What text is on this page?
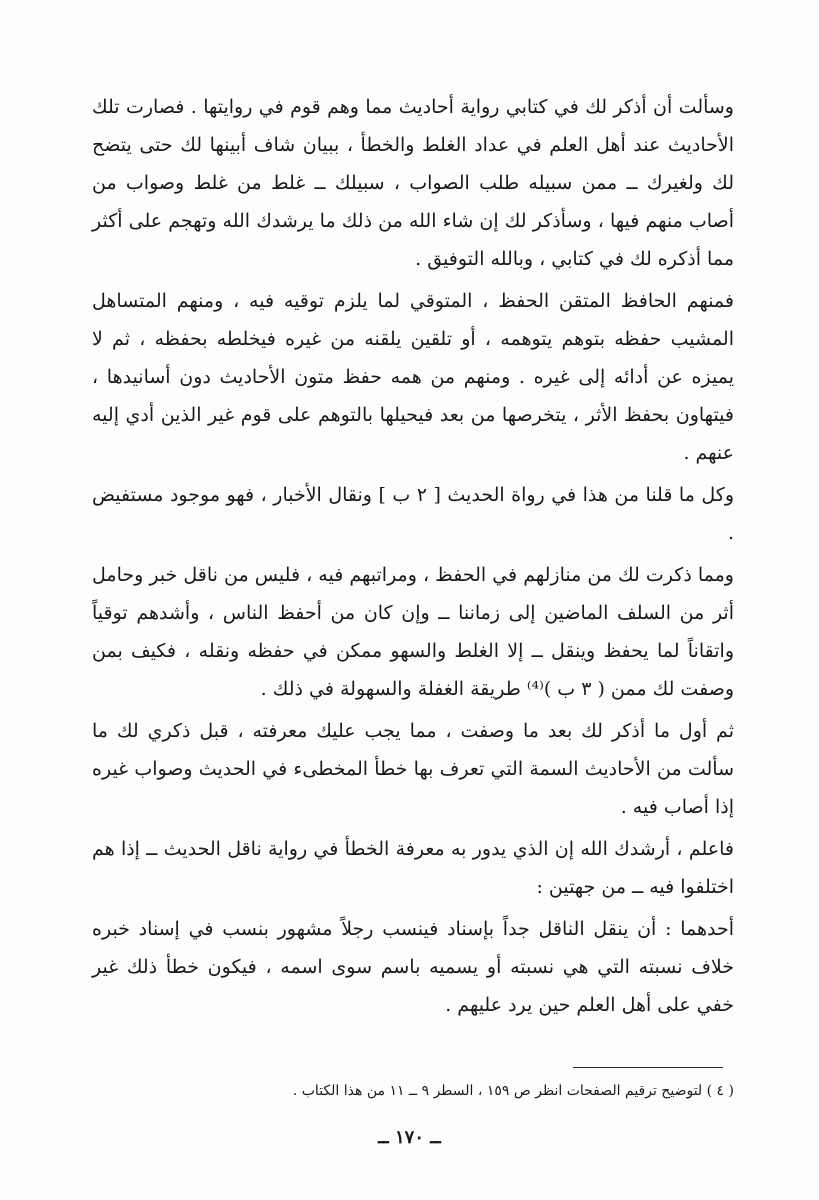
وسألت أن أذكر لك في كتابي رواية أحاديث مما وهم قوم في روايتها . فصارت تلك الأحاديث عند أهل العلم في عداد الغلط والخطأ ، ببيان شاف أبينها لك حتى يتضح لك ولغيرك ــ ممن سبيله طلب الصواب ، سبيلك ــ غلط من غلط وصواب من أصاب منهم فيها ، وسأذكر لك إن شاء الله من ذلك ما يرشدك الله وتهجم على أكثر مما أذكره لك في كتابي ، وبالله التوفيق .

فمنهم الحافظ المتقن الحفظ ، المتوقي لما يلزم توقيه فيه ، ومنهم المتساهل المشيب حفظه بتوهم يتوهمه ، أو تلقين يلقنه من غيره فيخلطه بحفظه ، ثم لا يميزه عن أدائه إلى غيره . ومنهم من همه حفظ متون الأحاديث دون أسانيدها ، فيتهاون بحفظ الأثر ، يتخرصها من بعد فيحيلها بالتوهم على قوم غير الذين أدي إليه عنهم .

وكل ما قلنا من هذا في رواة الحديث [ ٢ ب ] ونقال الأخبار ، فهو موجود مستفيض .

ومما ذكرت لك من منازلهم في الحفظ ، ومراتبهم فيه ، فليس من ناقل خبر وحامل أثر من السلف الماضين إلى زماننا ــ وإن كان من أحفظ الناس ، وأشدهم توقياً واتقاناً لما يحفظ وينقل ــ إلا الغلط والسهو ممكن في حفظه ونقله ، فكيف بمن وصفت لك ممن ( ٣ ب )⁽⁴⁾ طريقة الغفلة والسهولة في ذلك .

ثم أول ما أذكر لك بعد ما وصفت ، مما يجب عليك معرفته ، قبل ذكري لك ما سألت من الأحاديث السمة التي تعرف بها خطأ المخطىء في الحديث وصواب غيره إذا أصاب فيه .

فاعلم ، أرشدك الله إن الذي يدور به معرفة الخطأ في رواية ناقل الحديث ــ إذا هم اختلفوا فيه ــ من جهتين :

أحدهما : أن ينقل الناقل جداً بإسناد فينسب رجلاً مشهور بنسب في إسناد خبره خلاف نسبته التي هي نسبته أو يسميه باسم سوى اسمه ، فيكون خطأ ذلك غير خفي على أهل العلم حين يرد عليهم .

( ٤ ) لتوضيح ترقيم الصفحات انظر ص ١٥٩ ، السطر ٩ ــ ١١ من هذا الكتاب .
ــ ١٧٠ ــ
